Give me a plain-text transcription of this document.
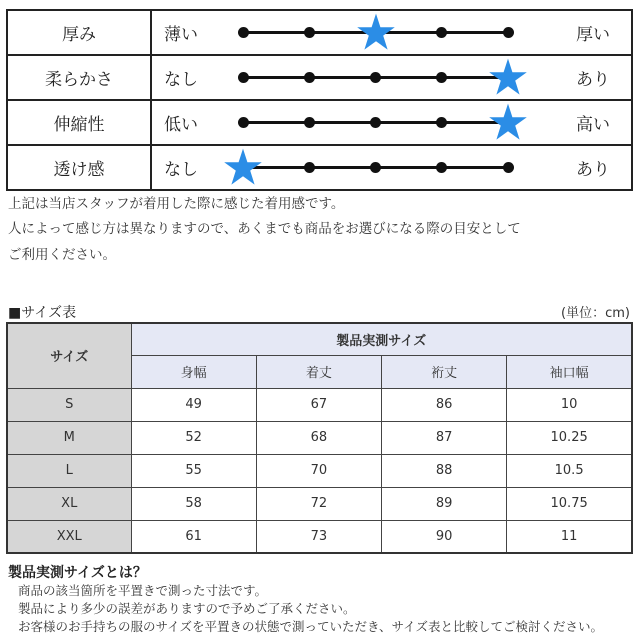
厚み	薄い		厚い
柔らかさ	なし		あり
伸縮性	低い		高い
透け感	なし		あり
上記は当店スタッフが着用した際に感じた着用感です。
人によって感じ方は異なりますので、あくまでも商品をお選びになる際の目安として
ご利用ください。
■サイズ表	(単位：cm)
サイズ	製品実測サイズ			
	身幅	着丈	裄丈	袖口幅
S	49	67	86	10
M	52	68	87	10.25
L	55	70	88	10.5
XL	58	72	89	10.75
XXL	61	73	90	11
製品実測サイズとは？
商品の該当箇所を平置きで測った寸法です。
製品により多少の誤差がありますので予めご了承ください。
お客様のお手持ちの服のサイズを平置きの状態で測っていただき、サイズ表と比較してご検討ください。
